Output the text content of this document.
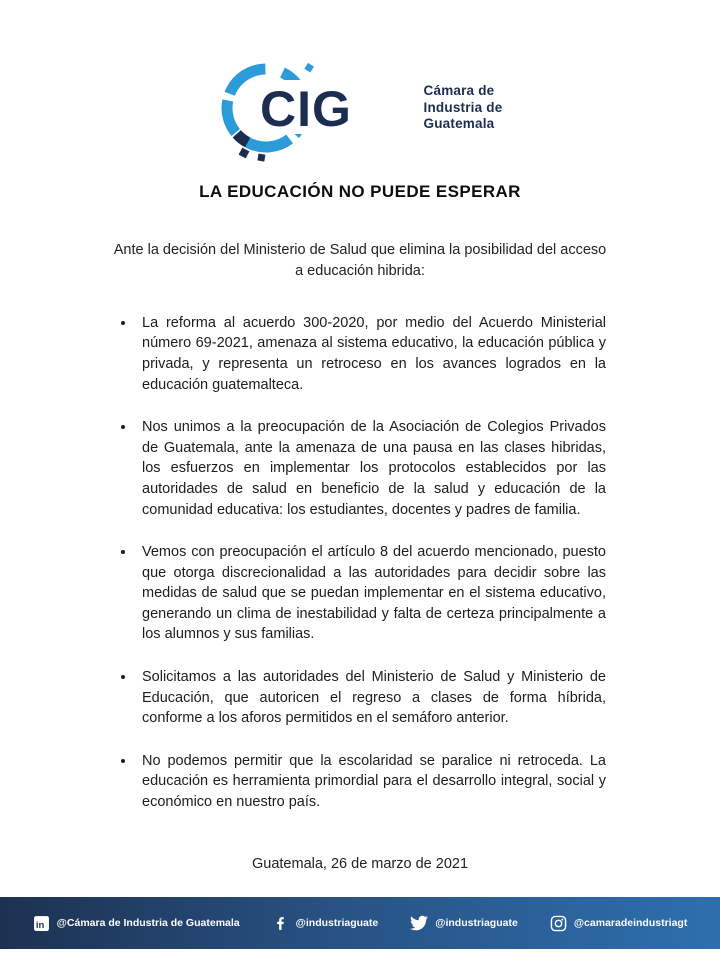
CIG	Cámara de
Industria de
Guatemala
LA EDUCACIÓN NO PUEDE ESPERAR

Ante la decisión del Ministerio de Salud que elimina la posibilidad del acceso a educación hibrida:

• La reforma al acuerdo 300-2020, por medio del Acuerdo Ministerial número 69-2021, amenaza al sistema educativo, la educación pública y privada, y representa un retroceso en los avances logrados en la educación guatemalteca.
• Nos unimos a la preocupación de la Asociación de Colegios Privados de Guatemala, ante la amenaza de una pausa en las clases hibridas, los esfuerzos en implementar los protocolos establecidos por las autoridades de salud en beneficio de la salud y educación de la comunidad educativa: los estudiantes, docentes y padres de familia.
• Vemos con preocupación el artículo 8 del acuerdo mencionado, puesto que otorga discrecionalidad a las autoridades para decidir sobre las medidas de salud que se puedan implementar en el sistema educativo, generando un clima de inestabilidad y falta de certeza principalmente a los alumnos y sus familias.
• Solicitamos a las autoridades del Ministerio de Salud y Ministerio de Educación, que autoricen el regreso a clases de forma híbrida, conforme a los aforos permitidos en el semáforo anterior.
• No podemos permitir que la escolaridad se paralice ni retroceda. La educación es herramienta primordial para el desarrollo integral, social y económico en nuestro país.

Guatemala, 26 de marzo de 2021

in @Cámara de Industria de Guatemala	@industriaguate	@industriaguate	@camaradeindustriagt
